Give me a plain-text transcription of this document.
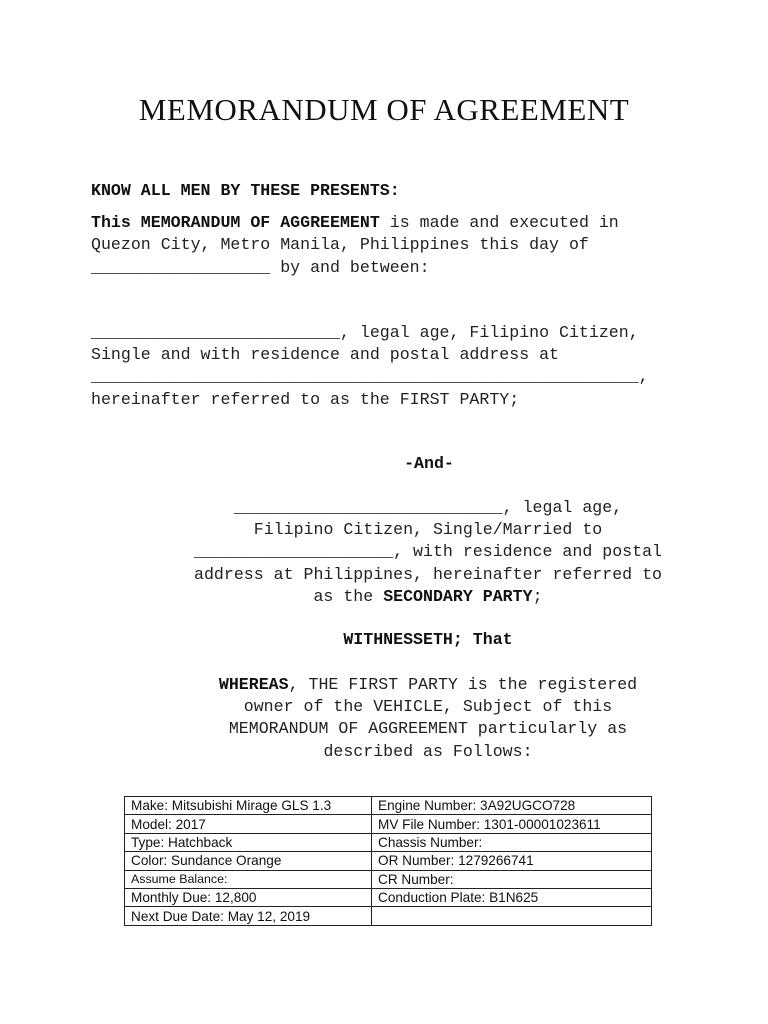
MEMORANDUM OF AGREEMENT
KNOW ALL MEN BY THESE PRESENTS:
This MEMORANDUM OF AGGREEMENT is made and executed in
Quezon City, Metro Manila, Philippines this day of
__________________ by and between:
_________________________, legal age, Filipino Citizen,
Single and with residence and postal address at
_______________________________________________________,
hereinafter referred to as the FIRST PARTY;
-And-
___________________________, legal age,
Filipino Citizen, Single/Married to
____________________, with residence and postal
address at Philippines, hereinafter referred to
as the SECONDARY PARTY;
WITHNESSETH; That
WHEREAS, THE FIRST PARTY is the registered
owner of the VEHICLE, Subject of this
MEMORANDUM OF AGGREEMENT particularly as
described as Follows:
Make: Mitsubishi Mirage GLS 1.3	Engine Number: 3A92UGCO728
Model: 2017	MV File Number: 1301-00001023611
Type: Hatchback	Chassis Number:
Color: Sundance Orange	OR Number: 1279266741
Assume Balance:	CR Number:
Monthly Due: 12,800	Conduction Plate: B1N625
Next Due Date: May 12, 2019	
